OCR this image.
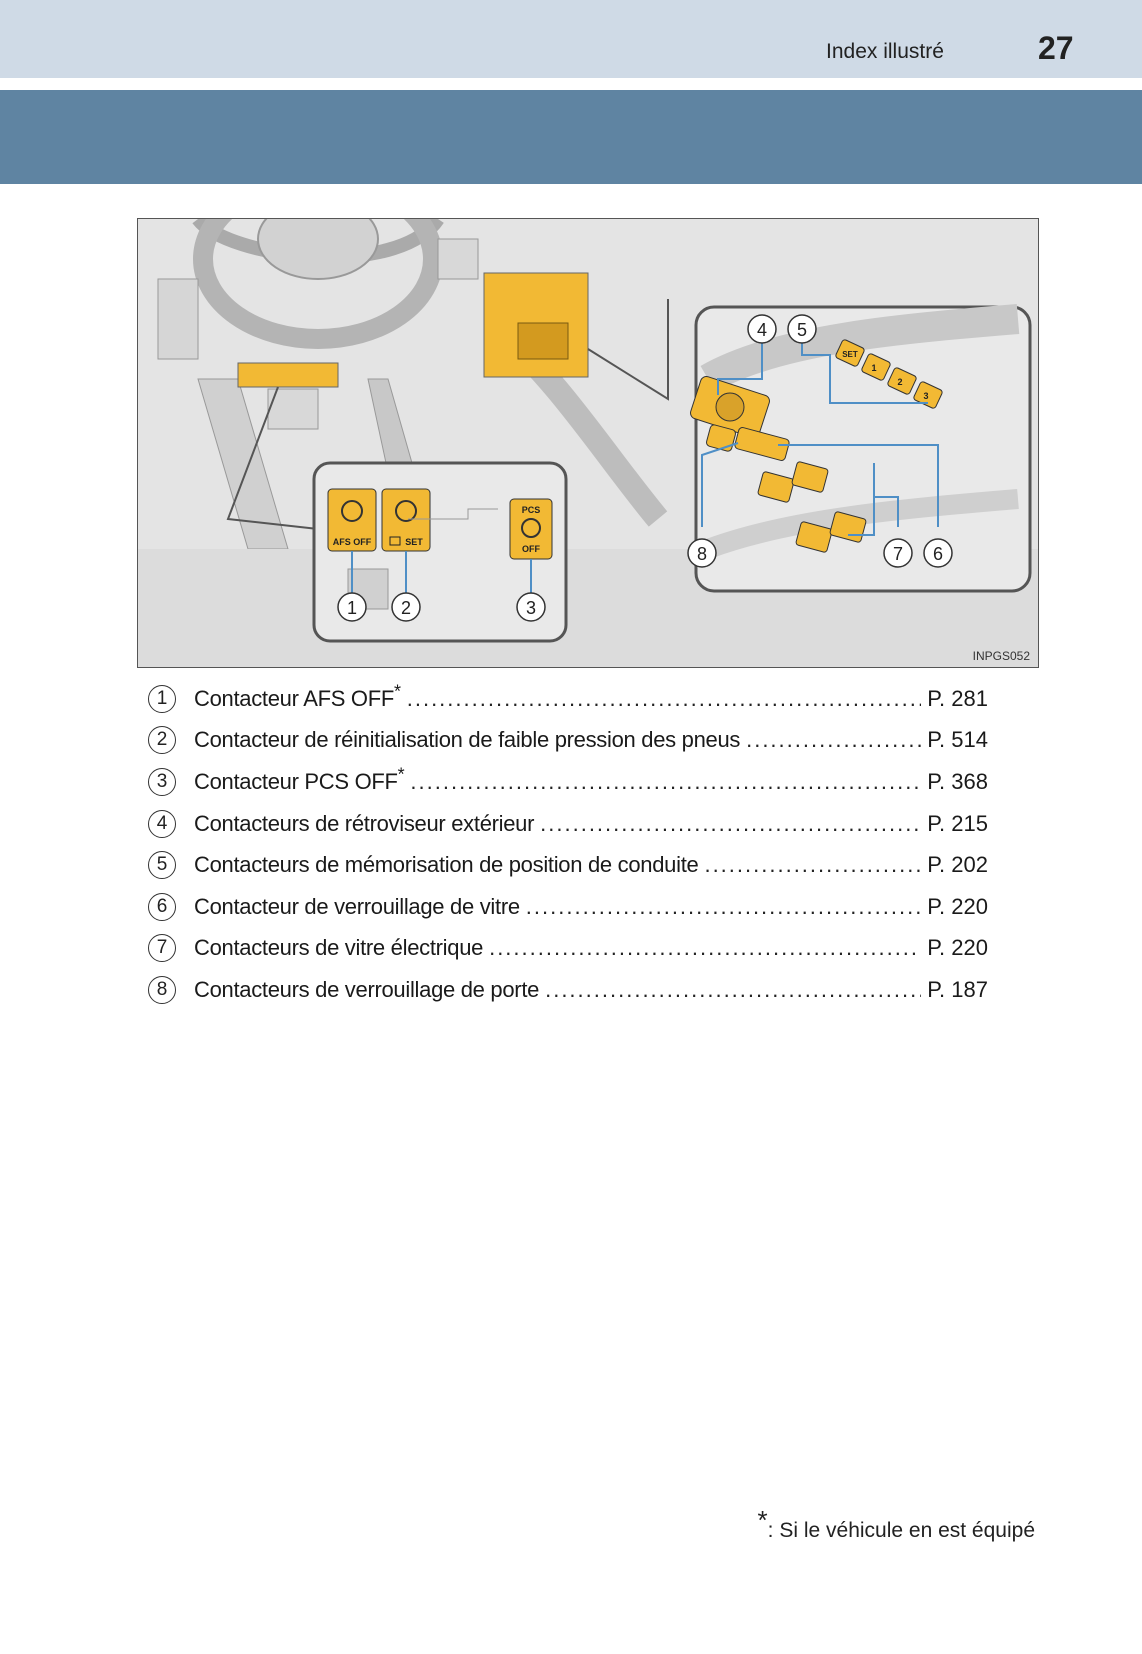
Index illustré	27
AFS OFF	SET
PCS
OFF
1 2	3
SET
1
2
3
4 5
8	7 6
INPGS052
1	Contacteur AFS OFF* .....	P. 281
2	Contacteur de réinitialisation de faible pression des pneus .....	P. 514
3	Contacteur PCS OFF* .....	P. 368
4	Contacteurs de rétroviseur extérieur .....	P. 215
5	Contacteurs de mémorisation de position de conduite .....	P. 202
6	Contacteur de verrouillage de vitre .....	P. 220
7	Contacteurs de vitre électrique .....	P. 220
8	Contacteurs de verrouillage de porte .....	P. 187
*: Si le véhicule en est équipé
